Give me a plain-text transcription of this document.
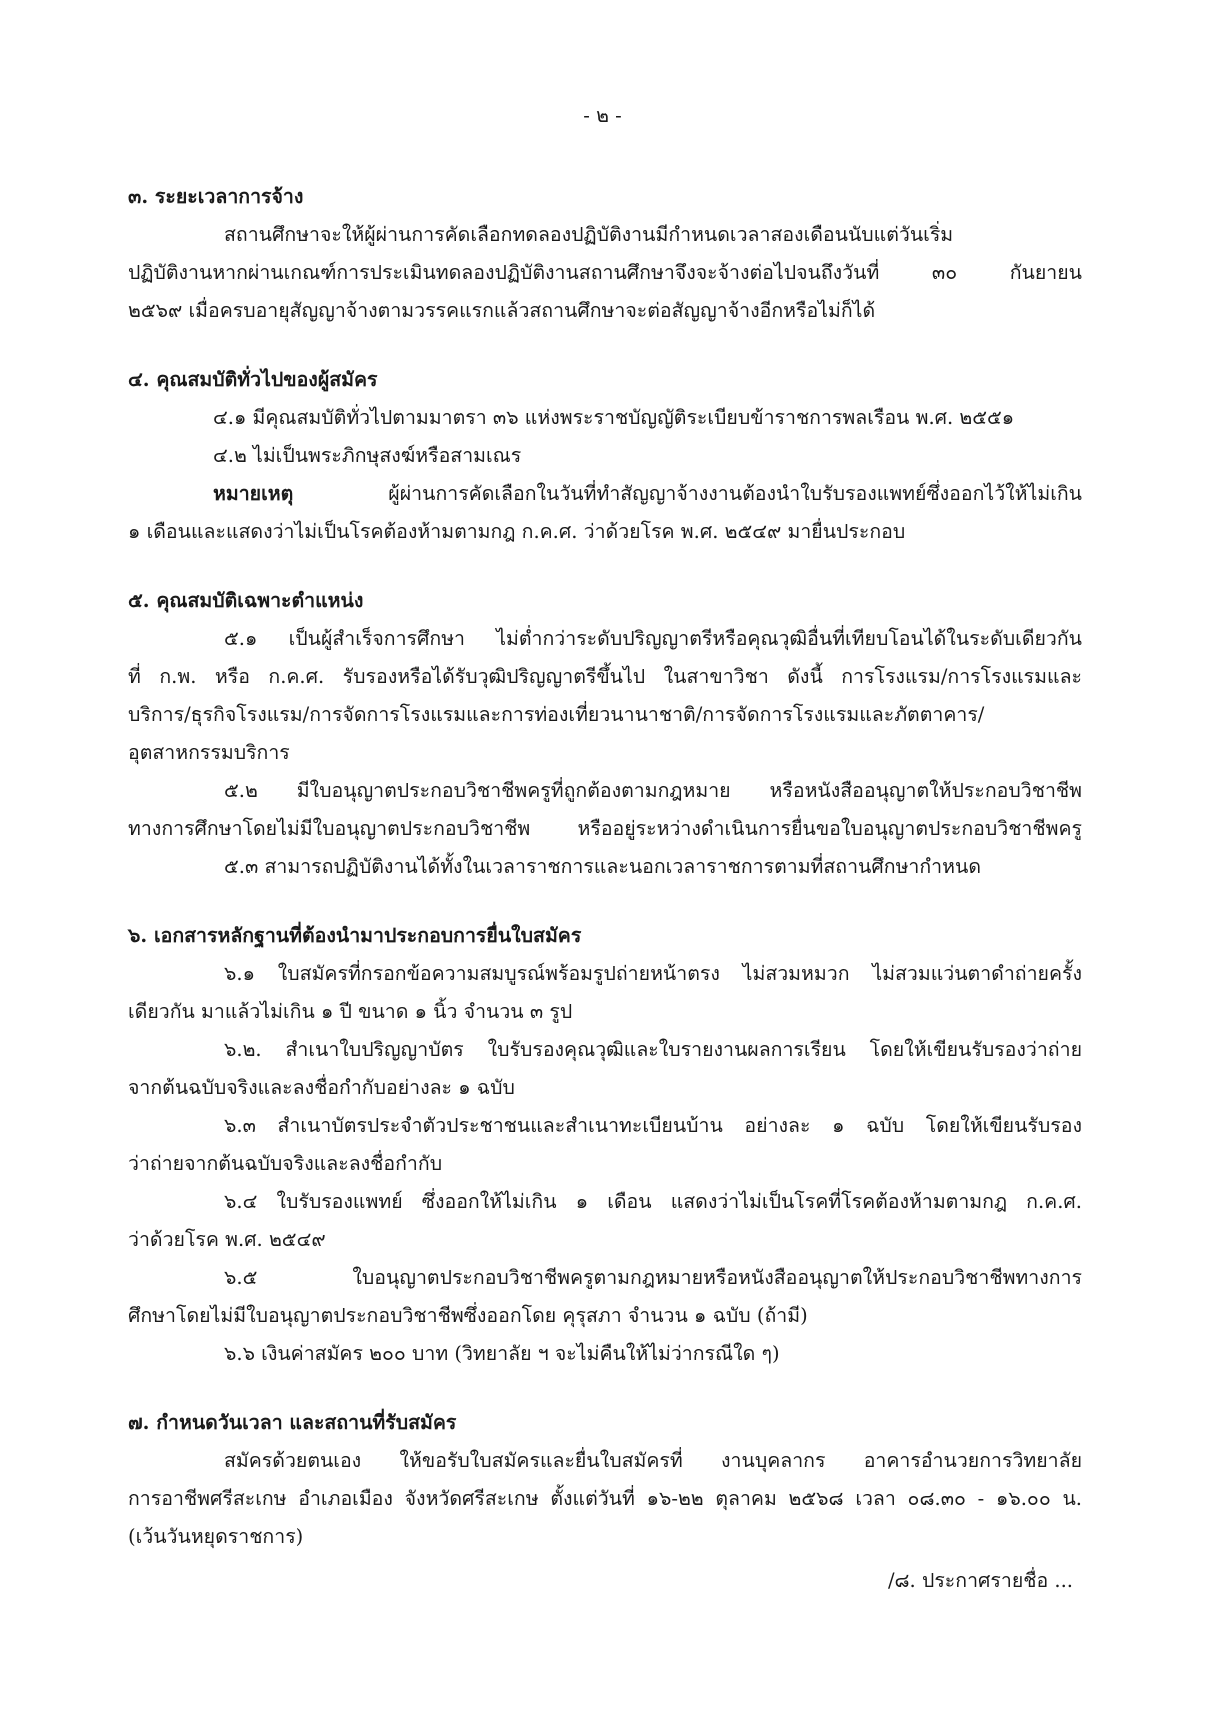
- ๒ -
๓. ระยะเวลาการจ้าง
สถานศึกษาจะให้ผู้ผ่านการคัดเลือกทดลองปฏิบัติงานมีกำหนดเวลาสองเดือนนับแต่วันเริ่ม
ปฏิบัติงานหากผ่านเกณฑ์การประเมินทดลองปฏิบัติงานสถานศึกษาจึงจะจ้างต่อไปจนถึงวันที่ ๓๐ กันยายน
๒๕๖๙ เมื่อครบอายุสัญญาจ้างตามวรรคแรกแล้วสถานศึกษาจะต่อสัญญาจ้างอีกหรือไม่ก็ได้
๔. คุณสมบัติทั่วไปของผู้สมัคร
๔.๑ มีคุณสมบัติทั่วไปตามมาตรา ๓๖ แห่งพระราชบัญญัติระเบียบข้าราชการพลเรือน พ.ศ. ๒๕๕๑
๔.๒ ไม่เป็นพระภิกษุสงฆ์หรือสามเณร
หมายเหตุ ผู้ผ่านการคัดเลือกในวันที่ทำสัญญาจ้างงานต้องนำใบรับรองแพทย์ซึ่งออกไว้ให้ไม่เกิน
๑ เดือนและแสดงว่าไม่เป็นโรคต้องห้ามตามกฎ ก.ค.ศ. ว่าด้วยโรค พ.ศ. ๒๕๔๙ มายื่นประกอบ
๕. คุณสมบัติเฉพาะตำแหน่ง
๕.๑ เป็นผู้สำเร็จการศึกษา ไม่ต่ำกว่าระดับปริญญาตรีหรือคุณวุฒิอื่นที่เทียบโอนได้ในระดับเดียวกัน
ที่ ก.พ. หรือ ก.ค.ศ. รับรองหรือได้รับวุฒิปริญญาตรีขึ้นไป ในสาขาวิชา ดังนี้ การโรงแรม/การโรงแรมและ
บริการ/ธุรกิจโรงแรม/การจัดการโรงแรมและการท่องเที่ยวนานาชาติ/การจัดการโรงแรมและภัตตาคาร/
อุตสาหกรรมบริการ
๕.๒ มีใบอนุญาตประกอบวิชาชีพครูที่ถูกต้องตามกฎหมาย หรือหนังสืออนุญาตให้ประกอบวิชาชีพ
ทางการศึกษาโดยไม่มีใบอนุญาตประกอบวิชาชีพ หรืออยู่ระหว่างดำเนินการยื่นขอใบอนุญาตประกอบวิชาชีพครู
๕.๓ สามารถปฏิบัติงานได้ทั้งในเวลาราชการและนอกเวลาราชการตามที่สถานศึกษากำหนด
๖. เอกสารหลักฐานที่ต้องนำมาประกอบการยื่นใบสมัคร
๖.๑ ใบสมัครที่กรอกข้อความสมบูรณ์พร้อมรูปถ่ายหน้าตรง ไม่สวมหมวก ไม่สวมแว่นตาดำถ่ายครั้ง
เดียวกัน มาแล้วไม่เกิน ๑ ปี ขนาด ๑ นิ้ว จำนวน ๓ รูป
๖.๒. สำเนาใบปริญญาบัตร ใบรับรองคุณวุฒิและใบรายงานผลการเรียน โดยให้เขียนรับรองว่าถ่าย
จากต้นฉบับจริงและลงชื่อกำกับอย่างละ ๑ ฉบับ
๖.๓ สำเนาบัตรประจำตัวประชาชนและสำเนาทะเบียนบ้าน อย่างละ ๑ ฉบับ โดยให้เขียนรับรอง
ว่าถ่ายจากต้นฉบับจริงและลงชื่อกำกับ
๖.๔ ใบรับรองแพทย์ ซึ่งออกให้ไม่เกิน ๑ เดือน แสดงว่าไม่เป็นโรคที่โรคต้องห้ามตามกฎ ก.ค.ศ.
ว่าด้วยโรค พ.ศ. ๒๕๔๙
๖.๕ ใบอนุญาตประกอบวิชาชีพครูตามกฎหมายหรือหนังสืออนุญาตให้ประกอบวิชาชีพทางการ
ศึกษาโดยไม่มีใบอนุญาตประกอบวิชาชีพซึ่งออกโดย คุรุสภา จำนวน ๑ ฉบับ (ถ้ามี)
๖.๖ เงินค่าสมัคร ๒๐๐ บาท (วิทยาลัย ฯ จะไม่คืนให้ไม่ว่ากรณีใด ๆ)
๗. กำหนดวันเวลา และสถานที่รับสมัคร
สมัครด้วยตนเอง ให้ขอรับใบสมัครและยื่นใบสมัครที่ งานบุคลากร อาคารอำนวยการวิทยาลัย
การอาชีพศรีสะเกษ อำเภอเมือง จังหวัดศรีสะเกษ ตั้งแต่วันที่ ๑๖-๒๒ ตุลาคม ๒๕๖๘ เวลา ๐๘.๓๐ - ๑๖.๐๐ น.
(เว้นวันหยุดราชการ)
/๘. ประกาศรายชื่อ ...
